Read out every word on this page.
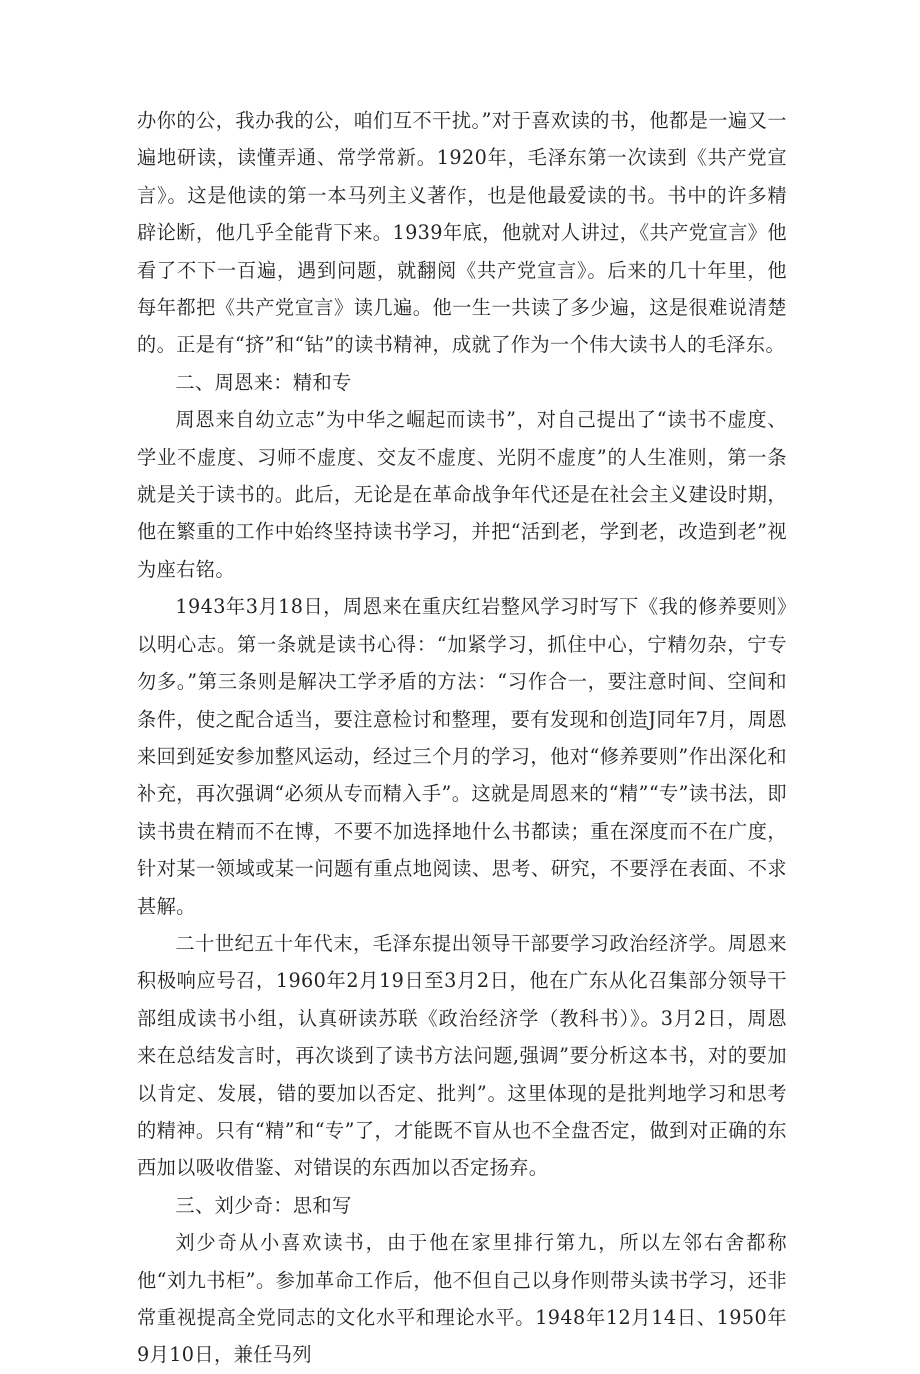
办你的公，我办我的公，咱们互不干扰。”对于喜欢读的书，他都是一遍又一遍地研读，读懂弄通、常学常新。1920年，毛泽东第一次读到《共产党宣言》。这是他读的第一本马列主义著作，也是他最爱读的书。书中的许多精辟论断，他几乎全能背下来。1939年底，他就对人讲过，《共产党宣言》他看了不下一百遍，遇到问题，就翻阅《共产党宣言》。后来的几十年里，他每年都把《共产党宣言》读几遍。他一生一共读了多少遍，这是很难说清楚的。正是有“挤”和“钻”的读书精神，成就了作为一个伟大读书人的毛泽东。

二、周恩来：精和专

周恩来自幼立志”为中华之崛起而读书”，对自己提出了“读书不虚度、学业不虚度、习师不虚度、交友不虚度、光阴不虚度”的人生准则，第一条就是关于读书的。此后，无论是在革命战争年代还是在社会主义建设时期，他在繁重的工作中始终坚持读书学习，并把“活到老，学到老，改造到老”视为座右铭。

1943年3月18日，周恩来在重庆红岩整风学习时写下《我的修养要则》以明心志。第一条就是读书心得：“加紧学习，抓住中心，宁精勿杂，宁专勿多。”第三条则是解决工学矛盾的方法：“习作合一，要注意时间、空间和条件，使之配合适当，要注意检讨和整理，要有发现和创造J同年7月，周恩来回到延安参加整风运动，经过三个月的学习，他对“修养要则”作出深化和补充，再次强调“必须从专而精入手”。这就是周恩来的“精”“专”读书法，即读书贵在精而不在博，不要不加选择地什么书都读；重在深度而不在广度，针对某一领域或某一问题有重点地阅读、思考、研究，不要浮在表面、不求甚解。

二十世纪五十年代末，毛泽东提出领导干部要学习政治经济学。周恩来积极响应号召，1960年2月19日至3月2日，他在广东从化召集部分领导干部组成读书小组，认真研读苏联《政治经济学（教科书）》。3月2日，周恩来在总结发言时，再次谈到了读书方法问题,强调”要分析这本书，对的要加以肯定、发展，错的要加以否定、批判”。这里体现的是批判地学习和思考的精神。只有“精”和“专”了，才能既不盲从也不全盘否定，做到对正确的东西加以吸收借鉴、对错误的东西加以否定扬弃。

三、刘少奇：思和写

刘少奇从小喜欢读书，由于他在家里排行第九，所以左邻右舍都称他“刘九书柜”。参加革命工作后，他不但自己以身作则带头读书学习，还非常重视提高全党同志的文化水平和理论水平。1948年12月14日、1950年9月10日，兼任马列
